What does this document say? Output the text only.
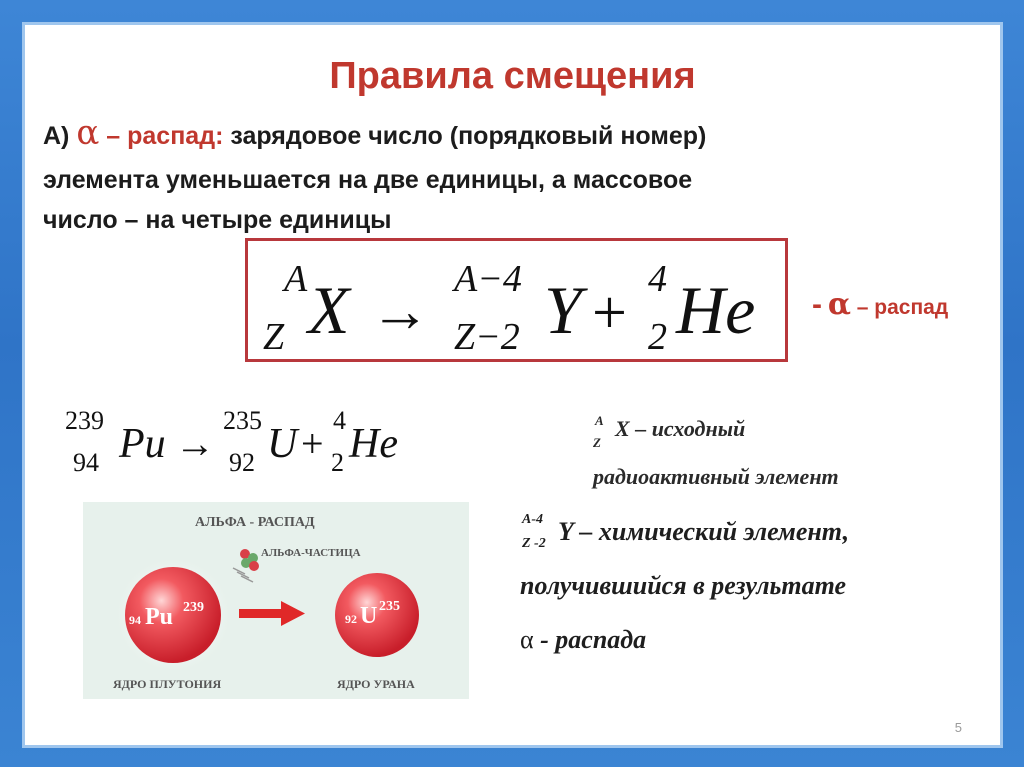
Правила смещения
А) α – распад: зарядовое число (порядковый номер)
элемента уменьшается на две единицы, а массовое
число – на четыре единицы
A
Z X → A−4
Z−2 Y + 4
2 He - α – распад
239
94 Pu →
235
92 U +
4
2 He
АЛЬФА - РАСПАД
АЛЬФА-ЧАСТИЦА
94 Pu 239
92 U 235
ЯДРО ПЛУТОНИЯ	ЯДРО УРАНА
A
Z
X – исходный
радиоактивный элемент
A-4
Z -2 Y – химический элемент,
получившийся в результате
α - распада
5
